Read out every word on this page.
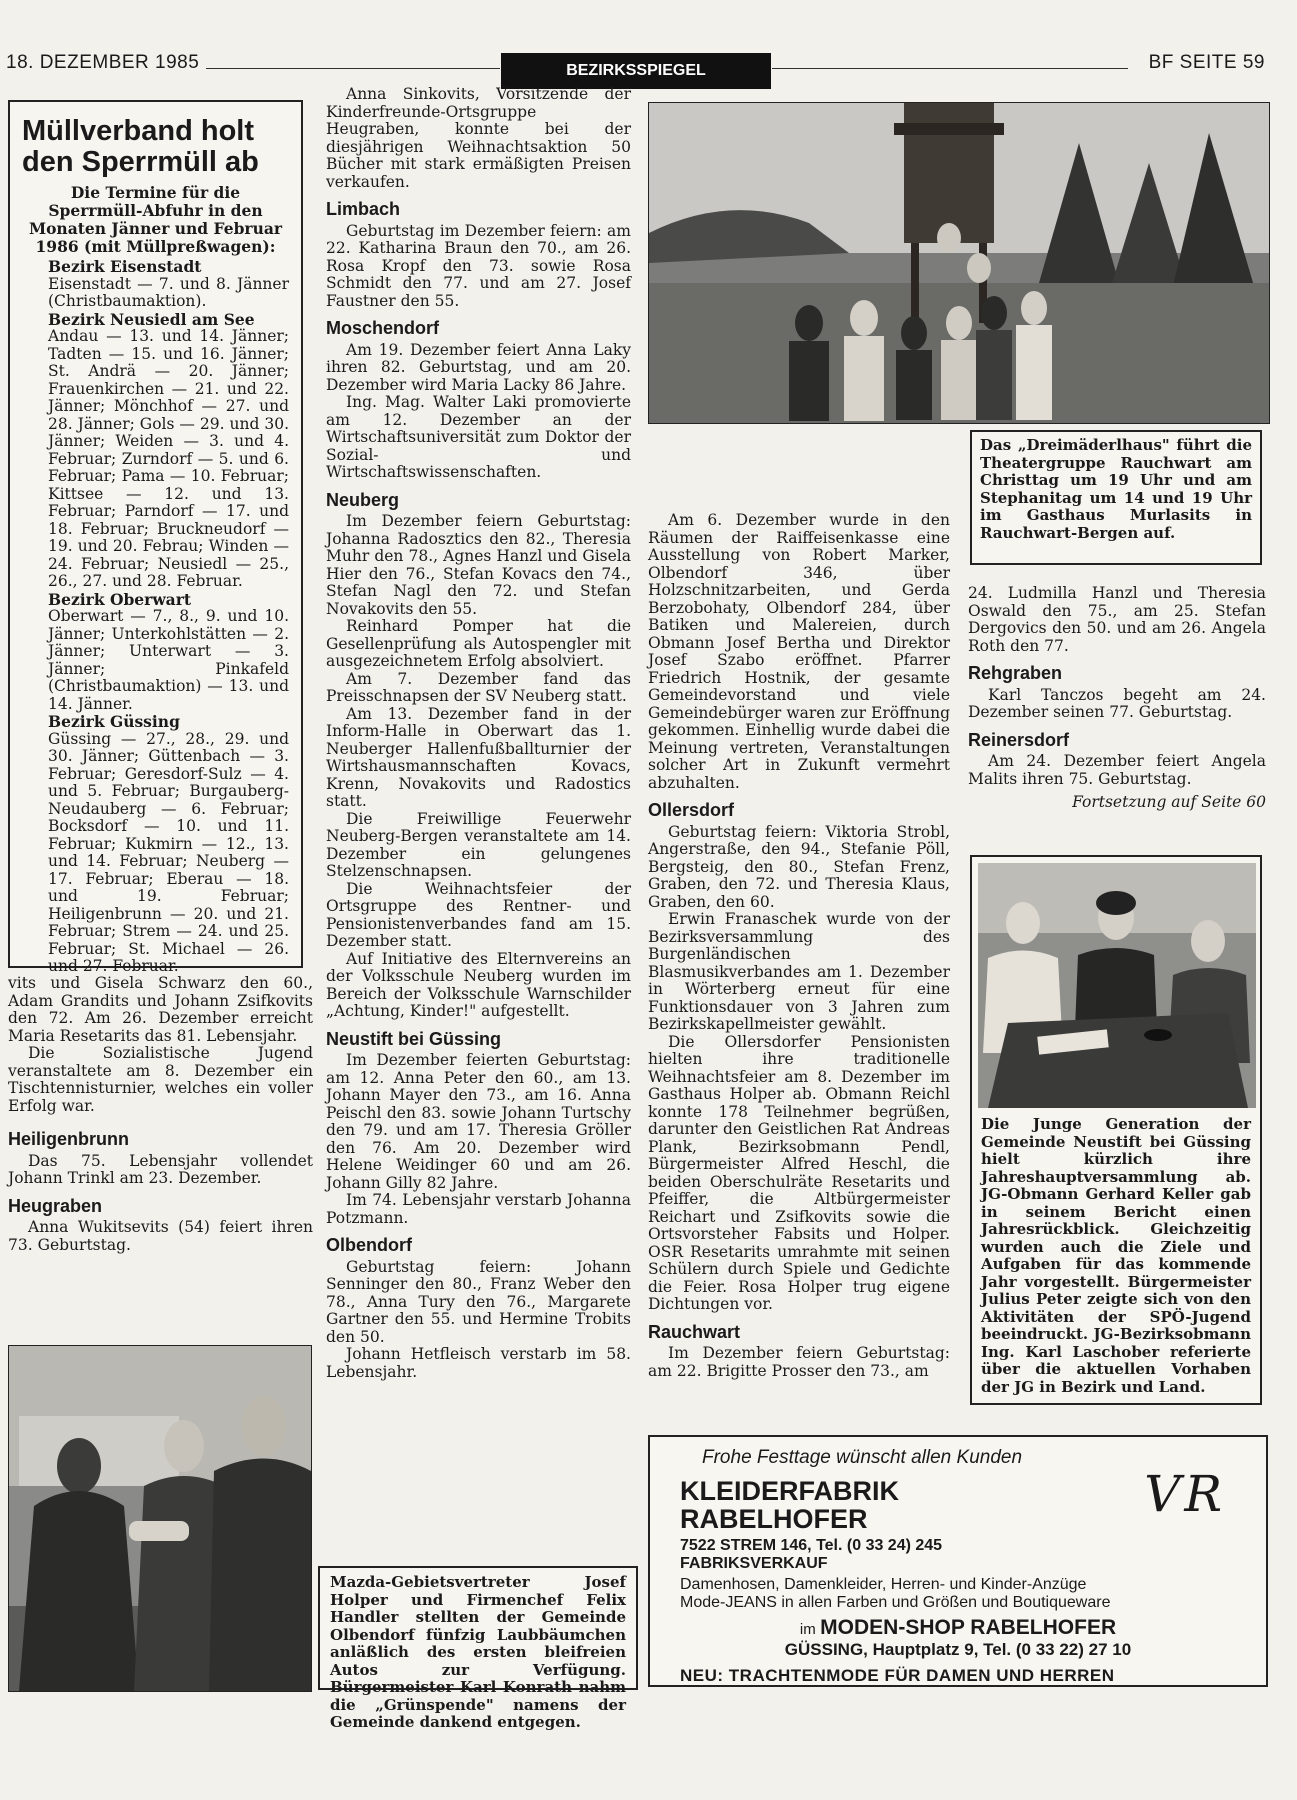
18. DEZEMBER 1985	BEZIRKSSPIEGEL	BF SEITE 59
Müllverband holt den Sperrmüll ab
Die Termine für die Sperrmüll-Abfuhr in den Monaten Jänner und Februar 1986 (mit Müllpreßwagen):

Bezirk Eisenstadt

Eisenstadt — 7. und 8. Jänner (Christbaumaktion).

Bezirk Neusiedl am See

Andau — 13. und 14. Jänner; Tadten — 15. und 16. Jänner; St. Andrä — 20. Jänner; Frauenkirchen — 21. und 22. Jänner; Mönchhof — 27. und 28. Jänner; Gols — 29. und 30. Jänner; Weiden — 3. und 4. Februar; Zurndorf — 5. und 6. Februar; Pama — 10. Februar; Kittsee — 12. und 13. Februar; Parndorf — 17. und 18. Februar; Bruckneudorf — 19. und 20. Febrau; Winden — 24. Februar; Neusiedl — 25., 26., 27. und 28. Februar.

Bezirk Oberwart

Oberwart — 7., 8., 9. und 10. Jänner; Unterkohlstätten — 2. Jänner; Unterwart — 3. Jänner; Pinkafeld (Christbaumaktion) — 13. und 14. Jänner.

Bezirk Güssing

Güssing — 27., 28., 29. und 30. Jänner; Güttenbach — 3. Februar; Geresdorf-Sulz — 4. und 5. Februar; Burgauberg-Neudauberg — 6. Februar; Bocksdorf — 10. und 11. Februar; Kukmirn — 12., 13. und 14. Februar; Neuberg — 17. Februar; Eberau — 18. und 19. Februar; Heiligenbrunn — 20. und 21. Februar; Strem — 24. und 25. Februar; St. Michael — 26. und 27. Februar.

vits und Gisela Schwarz den 60., Adam Grandits und Johann Zsifkovits den 72. Am 26. Dezember erreicht Maria Resetarits das 81. Lebensjahr.

Die Sozialistische Jugend veranstaltete am 8. Dezember ein Tischtennisturnier, welches ein voller Erfolg war.

Heiligenbrunn

Das 75. Lebensjahr vollendet Johann Trinkl am 23. Dezember.

Heugraben

Anna Wukitsevits (54) feiert ihren 73. Geburtstag.

Mazda-Gebietsvertreter Josef Holper und Firmenchef Felix Handler stellten der Gemeinde Olbendorf fünfzig Laubbäumchen anläßlich des ersten bleifreien Autos zur Verfügung. Bürgermeister Karl Konrath nahm die „Grünspende" namens der Gemeinde dankend entgegen.

Anna Sinkovits, Vorsitzende der Kinderfreunde-Ortsgruppe Heugraben, konnte bei der diesjährigen Weihnachtsaktion 50 Bücher mit stark ermäßigten Preisen verkaufen.

Limbach

Geburtstag im Dezember feiern: am 22. Katharina Braun den 70., am 26. Rosa Kropf den 73. sowie Rosa Schmidt den 77. und am 27. Josef Faustner den 55.

Moschendorf

Am 19. Dezember feiert Anna Laky ihren 82. Geburtstag, und am 20. Dezember wird Maria Lacky 86 Jahre.

Ing. Mag. Walter Laki promovierte am 12. Dezember an der Wirtschaftsuniversität zum Doktor der Sozial- und Wirtschaftswissenschaften.

Neuberg

Im Dezember feiern Geburtstag: Johanna Radosztics den 82., Theresia Muhr den 78., Agnes Hanzl und Gisela Hier den 76., Stefan Kovacs den 74., Stefan Nagl den 72. und Stefan Novakovits den 55.

Reinhard Pomper hat die Gesellenprüfung als Autospengler mit ausgezeichnetem Erfolg absolviert.

Am 7. Dezember fand das Preisschnapsen der SV Neuberg statt.

Am 13. Dezember fand in der Inform-Halle in Oberwart das 1. Neuberger Hallenfußballturnier der Wirtshausmannschaften Kovacs, Krenn, Novakovits und Radostics statt.

Die Freiwillige Feuerwehr Neuberg-Bergen veranstaltete am 14. Dezember ein gelungenes Stelzenschnapsen.

Die Weihnachtsfeier der Ortsgruppe des Rentner- und Pensionistenverbandes fand am 15. Dezember statt.

Auf Initiative des Elternvereins an der Volksschule Neuberg wurden im Bereich der Volksschule Warnschilder „Achtung, Kinder!" aufgestellt.

Neustift bei Güssing

Im Dezember feierten Geburtstag: am 12. Anna Peter den 60., am 13. Johann Mayer den 73., am 16. Anna Peischl den 83. sowie Johann Turtschy den 79. und am 17. Theresia Gröller den 76. Am 20. Dezember wird Helene Weidinger 60 und am 26. Johann Gilly 82 Jahre.

Im 74. Lebensjahr verstarb Johanna Potzmann.

Olbendorf

Geburtstag feiern: Johann Senninger den 80., Franz Weber den 78., Anna Tury den 76., Margarete Gartner den 55. und Hermine Trobits den 50.

Johann Hetfleisch verstarb im 58. Lebensjahr.

Das „Dreimäderlhaus" führt die Theatergruppe Rauchwart am Christtag um 19 Uhr und am Stephanitag um 14 und 19 Uhr im Gasthaus Murlasits in Rauchwart-Bergen auf.

Am 6. Dezember wurde in den Räumen der Raiffeisenkasse eine Ausstellung von Robert Marker, Olbendorf 346, über Holzschnitzarbeiten, und Gerda Berzobohaty, Olbendorf 284, über Batiken und Malereien, durch Obmann Josef Bertha und Direktor Josef Szabo eröffnet. Pfarrer Friedrich Hostnik, der gesamte Gemeindevorstand und viele Gemeindebürger waren zur Eröffnung gekommen. Einhellig wurde dabei die Meinung vertreten, Veranstaltungen solcher Art in Zukunft vermehrt abzuhalten.

Ollersdorf

Geburtstag feiern: Viktoria Strobl, Angerstraße, den 94., Stefanie Pöll, Bergsteig, den 80., Stefan Frenz, Graben, den 72. und Theresia Klaus, Graben, den 60.

Erwin Franaschek wurde von der Bezirksversammlung des Burgenländischen Blasmusikverbandes am 1. Dezember in Wörterberg erneut für eine Funktionsdauer von 3 Jahren zum Bezirkskapellmeister gewählt.

Die Ollersdorfer Pensionisten hielten ihre traditionelle Weihnachtsfeier am 8. Dezember im Gasthaus Holper ab. Obmann Reichl konnte 178 Teilnehmer begrüßen, darunter den Geistlichen Rat Andreas Plank, Bezirksobmann Pendl, Bürgermeister Alfred Heschl, die beiden Oberschulräte Resetarits und Pfeiffer, die Altbürgermeister Reichart und Zsifkovits sowie die Ortsvorsteher Fabsits und Holper. OSR Resetarits umrahmte mit seinen Schülern durch Spiele und Gedichte die Feier. Rosa Holper trug eigene Dichtungen vor.

Rauchwart

Im Dezember feiern Geburtstag: am 22. Brigitte Prosser den 73., am

24. Ludmilla Hanzl und Theresia Oswald den 75., am 25. Stefan Dergovics den 50. und am 26. Angela Roth den 77.

Rehgraben

Karl Tanczos begeht am 24. Dezember seinen 77. Geburtstag.

Reinersdorf

Am 24. Dezember feiert Angela Malits ihren 75. Geburtstag.

Fortsetzung auf Seite 60

Die Junge Generation der Gemeinde Neustift bei Güssing hielt kürzlich ihre Jahreshauptversammlung ab. JG-Obmann Gerhard Keller gab in seinem Bericht einen Jahresrückblick. Gleichzeitig wurden auch die Ziele und Aufgaben für das kommende Jahr vorgestellt. Bürgermeister Julius Peter zeigte sich von den Aktivitäten der SPÖ-Jugend beeindruckt. JG-Bezirksobmann Ing. Karl Laschober referierte über die aktuellen Vorhaben der JG in Bezirk und Land.
Frohe Festtage wünscht allen Kunden
KLEIDERFABRIK
RABELHOFER
7522 STREM 146, Tel. (0 33 24) 245
FABRIKSVERKAUF
Damenhosen, Damenkleider, Herren- und Kinder-Anzüge
Mode-JEANS in allen Farben und Größen und Boutiqueware
im MODEN-SHOP RABELHOFER
GÜSSING, Hauptplatz 9, Tel. (0 33 22) 27 10
NEU: TRACHTENMODE FÜR DAMEN UND HERREN
VR
